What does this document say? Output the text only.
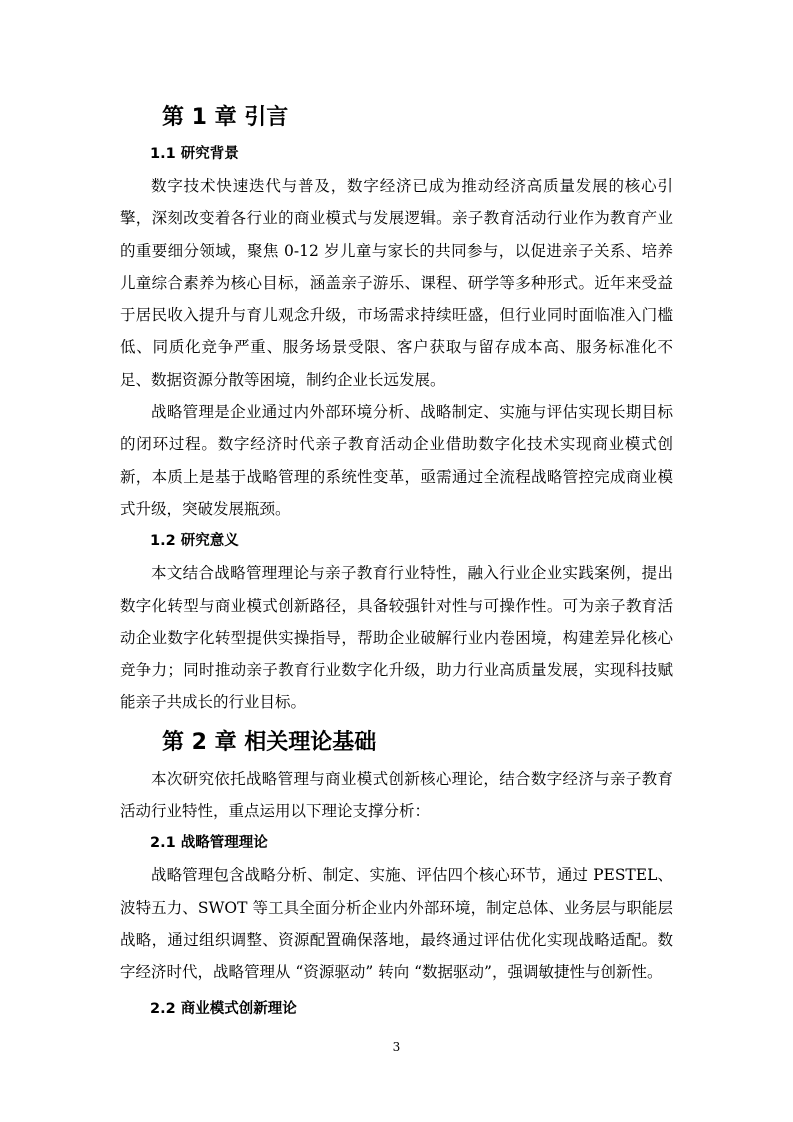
第 1 章 引言
1.1 研究背景

数字技术快速迭代与普及，数字经济已成为推动经济高质量发展的核心引擎，深刻改变着各行业的商业模式与发展逻辑。亲子教育活动行业作为教育产业的重要细分领域，聚焦 0-12 岁儿童与家长的共同参与，以促进亲子关系、培养儿童综合素养为核心目标，涵盖亲子游乐、课程、研学等多种形式。近年来受益于居民收入提升与育儿观念升级，市场需求持续旺盛，但行业同时面临准入门槛低、同质化竞争严重、服务场景受限、客户获取与留存成本高、服务标准化不足、数据资源分散等困境，制约企业长远发展。

战略管理是企业通过内外部环境分析、战略制定、实施与评估实现长期目标的闭环过程。数字经济时代亲子教育活动企业借助数字化技术实现商业模式创新，本质上是基于战略管理的系统性变革，亟需通过全流程战略管控完成商业模式升级，突破发展瓶颈。

1.2 研究意义

本文结合战略管理理论与亲子教育行业特性，融入行业企业实践案例，提出数字化转型与商业模式创新路径，具备较强针对性与可操作性。可为亲子教育活动企业数字化转型提供实操指导，帮助企业破解行业内卷困境，构建差异化核心竞争力；同时推动亲子教育行业数字化升级，助力行业高质量发展，实现科技赋能亲子共成长的行业目标。

第 2 章 相关理论基础

本次研究依托战略管理与商业模式创新核心理论，结合数字经济与亲子教育活动行业特性，重点运用以下理论支撑分析：

2.1 战略管理理论

战略管理包含战略分析、制定、实施、评估四个核心环节，通过 PESTEL、波特五力、SWOT 等工具全面分析企业内外部环境，制定总体、业务层与职能层战略，通过组织调整、资源配置确保落地，最终通过评估优化实现战略适配。数字经济时代，战略管理从 “资源驱动” 转向 “数据驱动”，强调敏捷性与创新性。

2.2 商业模式创新理论
3
